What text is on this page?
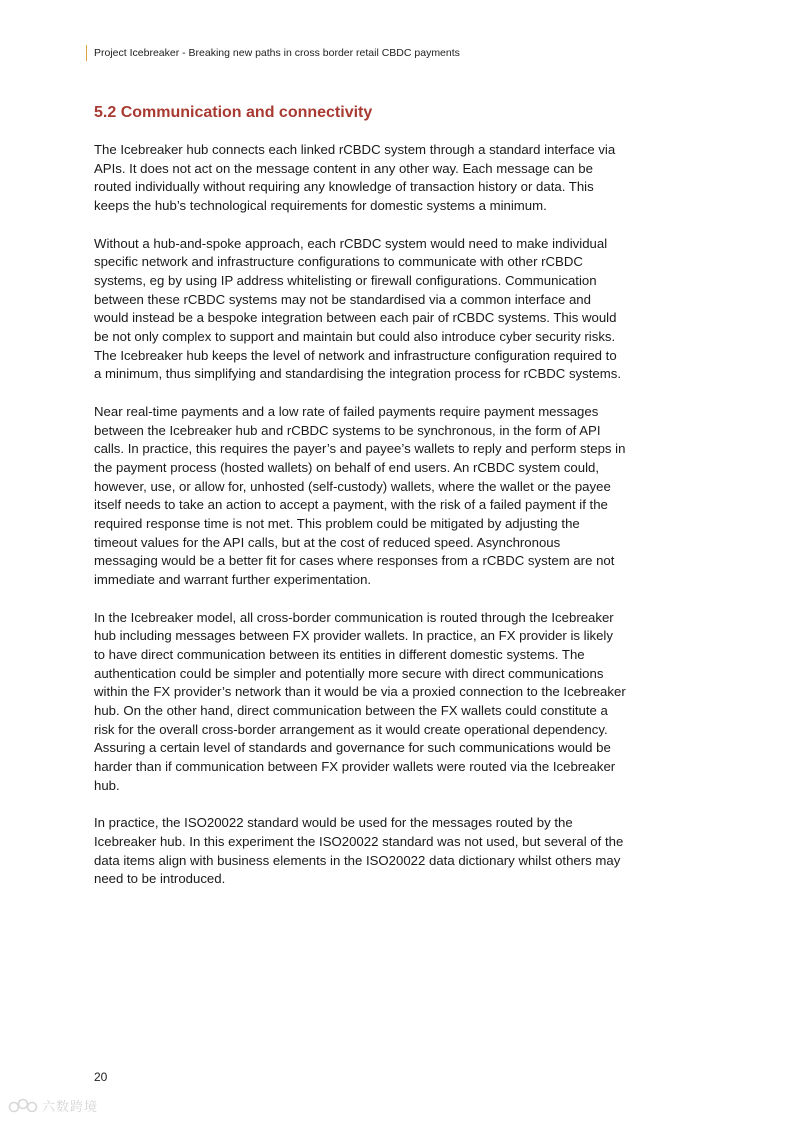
Project Icebreaker - Breaking new paths in cross border retail CBDC payments
5.2 Communication and connectivity

The Icebreaker hub connects each linked rCBDC system through a standard interface via APIs. It does not act on the message content in any other way. Each message can be routed individually without requiring any knowledge of transaction history or data. This keeps the hub’s technological requirements for domestic systems a minimum.

Without a hub-and-spoke approach, each rCBDC system would need to make individual specific network and infrastructure configurations to communicate with other rCBDC systems, eg by using IP address whitelisting or firewall configurations. Communication between these rCBDC systems may not be standardised via a common interface and would instead be a bespoke integration between each pair of rCBDC systems. This would be not only complex to support and maintain but could also introduce cyber security risks. The Icebreaker hub keeps the level of network and infrastructure configuration required to a minimum, thus simplifying and standardising the integration process for rCBDC systems.

Near real-time payments and a low rate of failed payments require payment messages between the Icebreaker hub and rCBDC systems to be synchronous, in the form of API calls. In practice, this requires the payer’s and payee’s wallets to reply and perform steps in the payment process (hosted wallets) on behalf of end users. An rCBDC system could, however, use, or allow for, unhosted (self-custody) wallets, where the wallet or the payee itself needs to take an action to accept a payment, with the risk of a failed payment if the required response time is not met. This problem could be mitigated by adjusting the timeout values for the API calls, but at the cost of reduced speed. Asynchronous messaging would be a better fit for cases where responses from a rCBDC system are not immediate and warrant further experimentation.

In the Icebreaker model, all cross-border communication is routed through the Icebreaker hub including messages between FX provider wallets. In practice, an FX provider is likely to have direct communication between its entities in different domestic systems. The authentication could be simpler and potentially more secure with direct communications within the FX provider’s network than it would be via a proxied connection to the Icebreaker hub. On the other hand, direct communication between the FX wallets could constitute a risk for the overall cross-border arrangement as it would create operational dependency. Assuring a certain level of standards and governance for such communications would be harder than if communication between FX provider wallets were routed via the Icebreaker hub.

In practice, the ISO20022 standard would be used for the messages routed by the Icebreaker hub. In this experiment the ISO20022 standard was not used, but several of the data items align with business elements in the ISO20022 data dictionary whilst others may need to be introduced.

20
六数跨境
